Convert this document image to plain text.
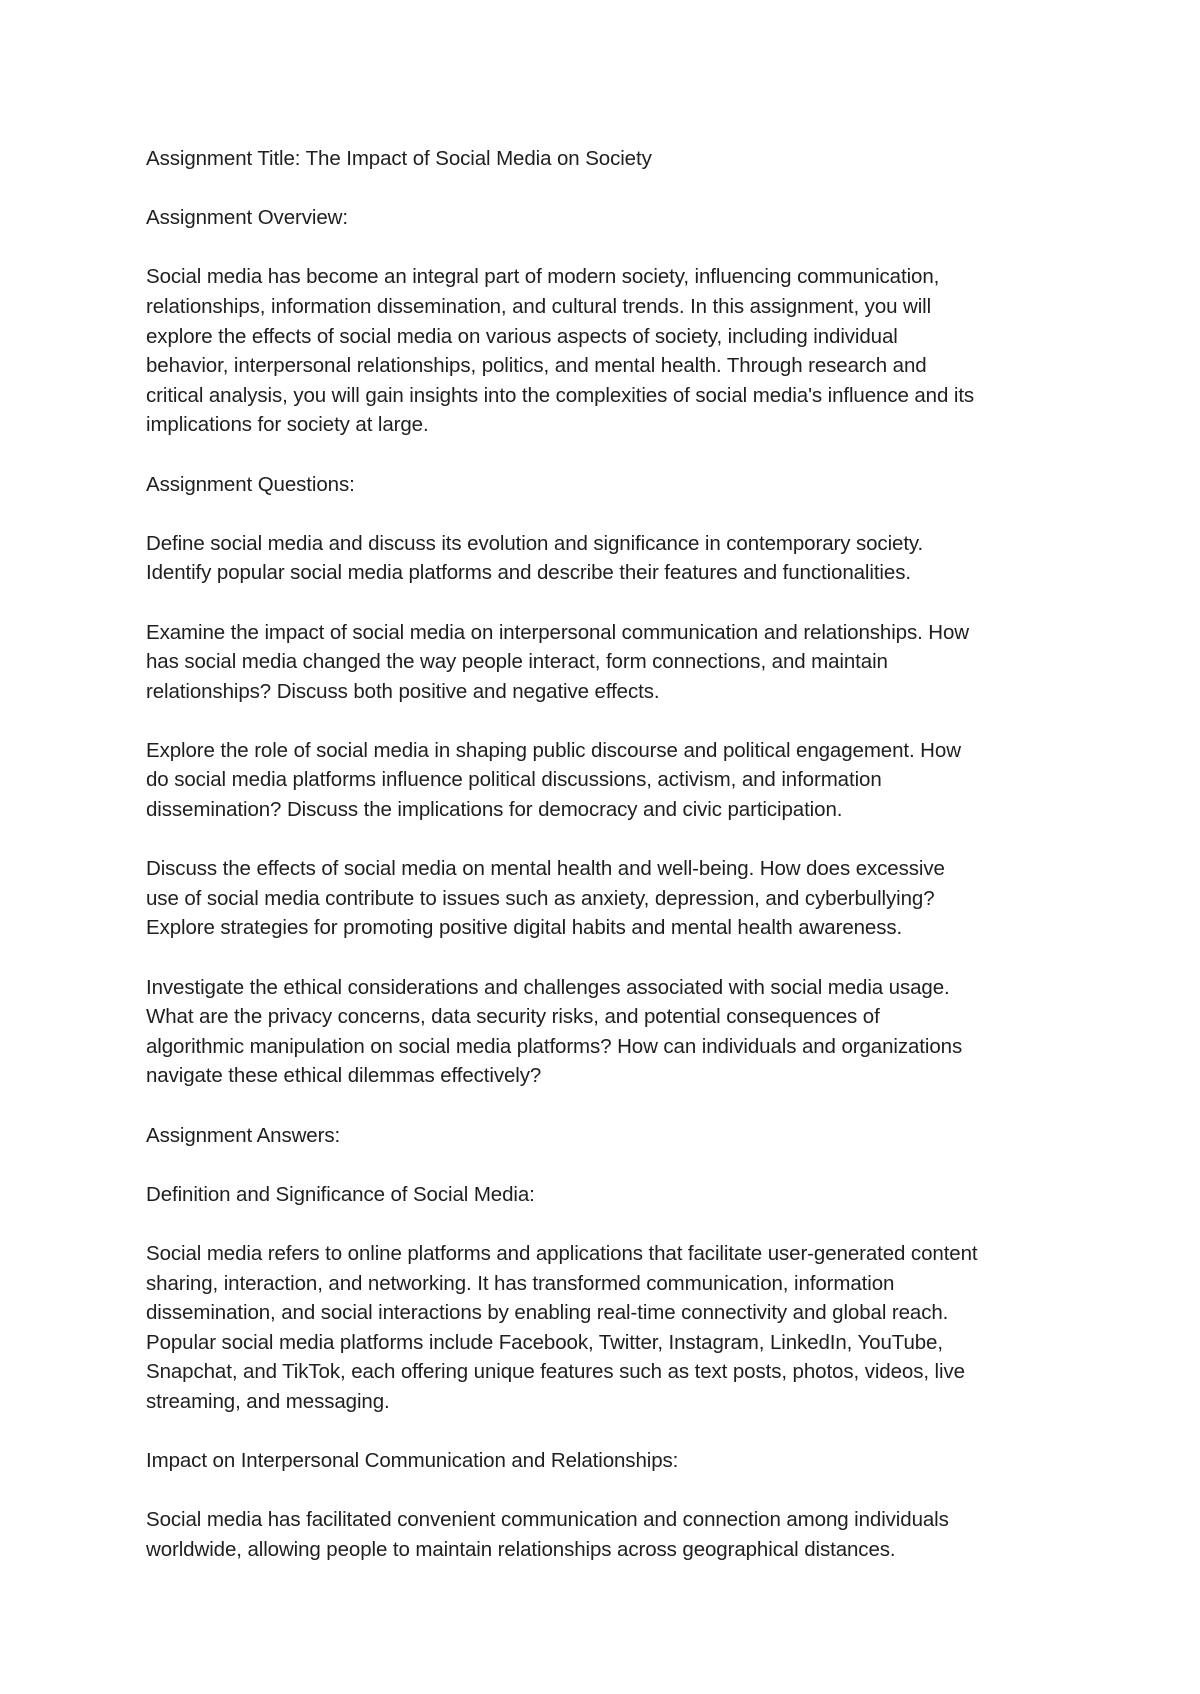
Assignment Title: The Impact of Social Media on Society

Assignment Overview:

Social media has become an integral part of modern society, influencing communication,
relationships, information dissemination, and cultural trends. In this assignment, you will
explore the effects of social media on various aspects of society, including individual
behavior, interpersonal relationships, politics, and mental health. Through research and
critical analysis, you will gain insights into the complexities of social media's influence and its
implications for society at large.

Assignment Questions:

Define social media and discuss its evolution and significance in contemporary society.
Identify popular social media platforms and describe their features and functionalities.

Examine the impact of social media on interpersonal communication and relationships. How
has social media changed the way people interact, form connections, and maintain
relationships? Discuss both positive and negative effects.

Explore the role of social media in shaping public discourse and political engagement. How
do social media platforms influence political discussions, activism, and information
dissemination? Discuss the implications for democracy and civic participation.

Discuss the effects of social media on mental health and well-being. How does excessive
use of social media contribute to issues such as anxiety, depression, and cyberbullying?
Explore strategies for promoting positive digital habits and mental health awareness.

Investigate the ethical considerations and challenges associated with social media usage.
What are the privacy concerns, data security risks, and potential consequences of
algorithmic manipulation on social media platforms? How can individuals and organizations
navigate these ethical dilemmas effectively?

Assignment Answers:

Definition and Significance of Social Media:

Social media refers to online platforms and applications that facilitate user-generated content
sharing, interaction, and networking. It has transformed communication, information
dissemination, and social interactions by enabling real-time connectivity and global reach.
Popular social media platforms include Facebook, Twitter, Instagram, LinkedIn, YouTube,
Snapchat, and TikTok, each offering unique features such as text posts, photos, videos, live
streaming, and messaging.

Impact on Interpersonal Communication and Relationships:

Social media has facilitated convenient communication and connection among individuals
worldwide, allowing people to maintain relationships across geographical distances.
